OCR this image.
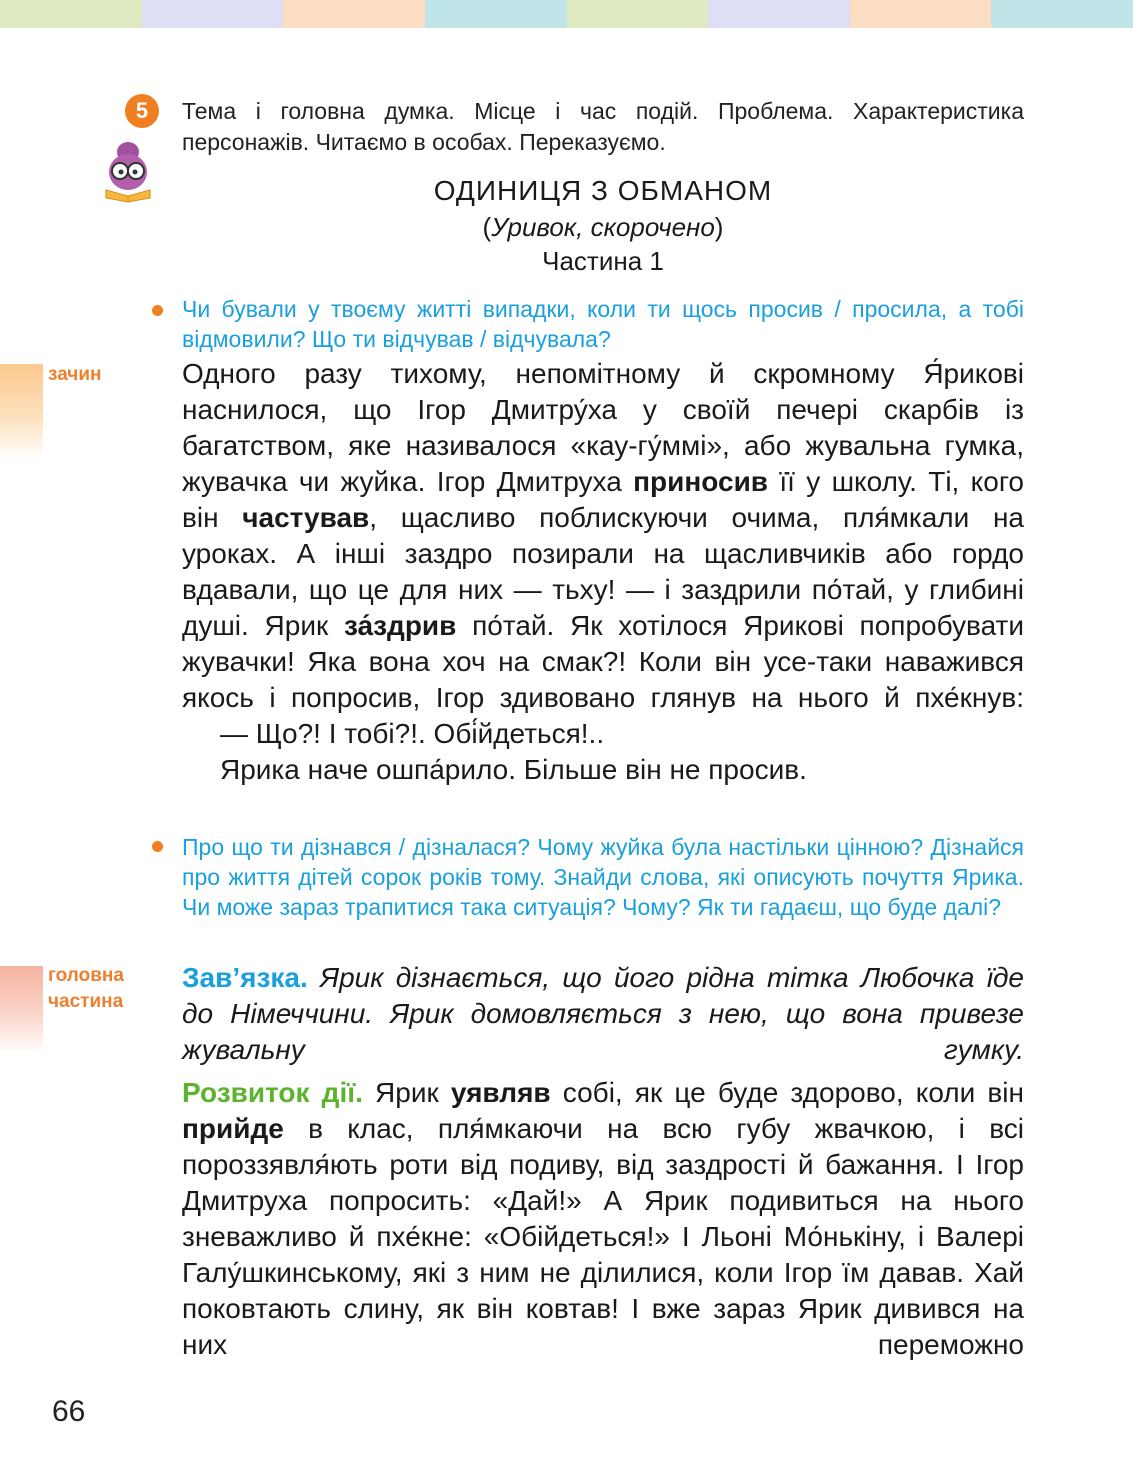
5	Тема і головна думка. Місце і час подій. Проблема. Характеристика персонажів. Читаємо в особах. Переказуємо.
ОДИНИЦЯ З ОБМАНОМ
(Уривок, скорочено)
Частина 1
Чи бували у твоєму житті випадки, коли ти щось просив / просила, а тобі відмовили? Що ти відчував / відчувала?
зачин	Одного разу тихому, непомітному й скромному Я́рикові наснилося, що Ігор Дмитру́ха у своїй печері скарбів із багатством, яке називалося «кау-гу́ммі», або жувальна гумка, жувачка чи жуйка. Ігор Дмитруха приносив її у школу. Ті, кого він частував, щасливо поблискуючи очима, пля́мкали на уроках. А інші заздро позирали на щасливчиків або гордо вдавали, що це для них — тьху! — і заздрили по́тай, у глибині душі. Ярик за́здрив по́тай. Як хотілося Ярикові попробувати жувачки! Яка вона хоч на смак?! Коли він усе-таки наважився якось і попросив, Ігор здивовано глянув на нього й пхе́кнув:

— Що?! І тобі?!. Обі́йдеться!..

Ярика наче ошпа́рило. Більше він не просив.

Про що ти дізнався / дізналася? Чому жуйка була настільки цінною? Дізнайся про життя дітей сорок років тому. Знайди слова, які описують почуття Ярика. Чи може зараз трапитися така ситуація? Чому? Як ти гадаєш, що буде далі?
головна
частина

Зав’язка. Ярик дізнається, що його рідна тітка Любочка їде до Німеччини. Ярик домовляється з нею, що вона привезе жувальну гумку.

Розвиток дії. Ярик уявляв собі, як це буде здорово, коли він прийде в клас, пля́мкаючи на всю губу жвачкою, і всі пороззявля́ють роти від подиву, від заздрості й бажання. І Ігор Дмитруха попросить: «Дай!» А Ярик подивиться на нього зневажливо й пхе́кне: «Обійдеться!» І Льоні Мо́нькіну, і Валері Галу́шкинському, які з ним не ділилися, коли Ігор їм давав. Хай поковтають слину, як він ковтав! І вже зараз Ярик дивився на них переможно

66
